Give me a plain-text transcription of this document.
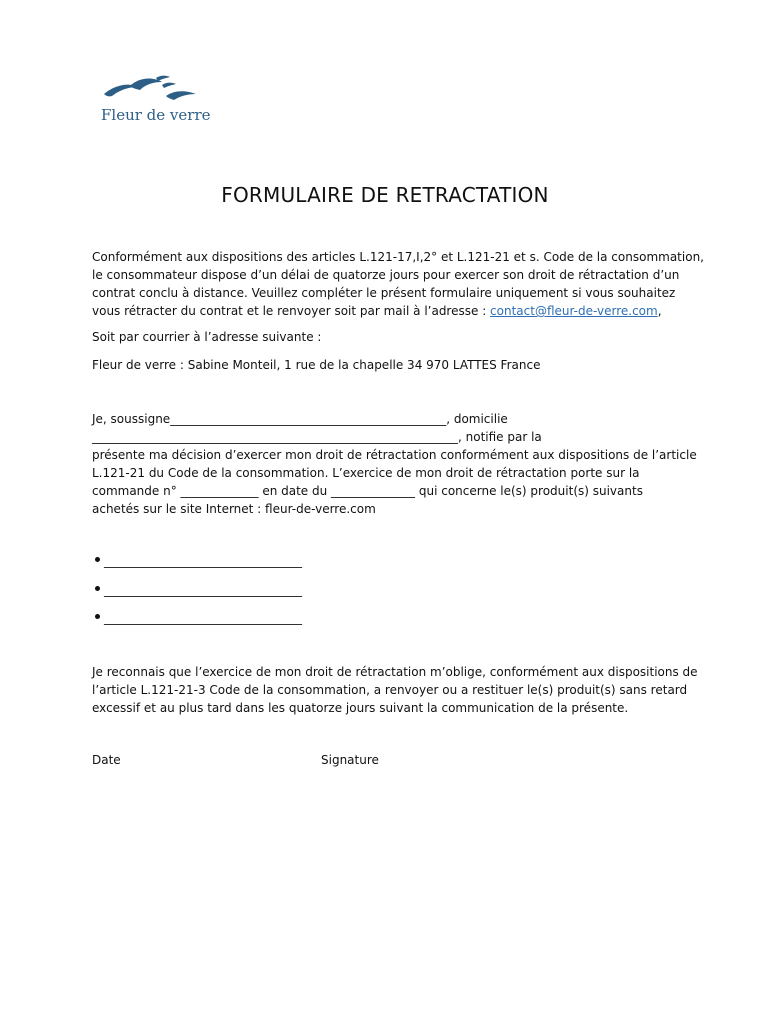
Fleur de verre
FORMULAIRE DE RETRACTATION
Conformément aux dispositions des articles L.121-17,I,2° et L.121-21 et s. Code de la consommation,
le consommateur dispose d’un délai de quatorze jours pour exercer son droit de rétractation d’un
contrat conclu à distance. Veuillez compléter le présent formulaire uniquement si vous souhaitez
vous rétracter du contrat et le renvoyer soit par mail à l’adresse : contact@fleur-de-verre.com,
Soit par courrier à l’adresse suivante :
Fleur de verre : Sabine Monteil, 1 rue de la chapelle 34 970 LATTES France
Je, soussigne______________________________________________, domicilie
_____________________________________________________________, notifie par la
présente ma décision d’exercer mon droit de rétractation conformément aux dispositions de l’article
L.121-21 du Code de la consommation. L’exercice de mon droit de rétractation porte sur la
commande n° _____________ en date du ______________ qui concerne le(s) produit(s) suivants
achetés sur le site Internet : fleur-de-verre.com
_________________________________
_________________________________
_________________________________
Je reconnais que l’exercice de mon droit de rétractation m’oblige, conformément aux dispositions de
l’article L.121-21-3 Code de la consommation, a renvoyer ou a restituer le(s) produit(s) sans retard
excessif et au plus tard dans les quatorze jours suivant la communication de la présente.
Date	Signature
